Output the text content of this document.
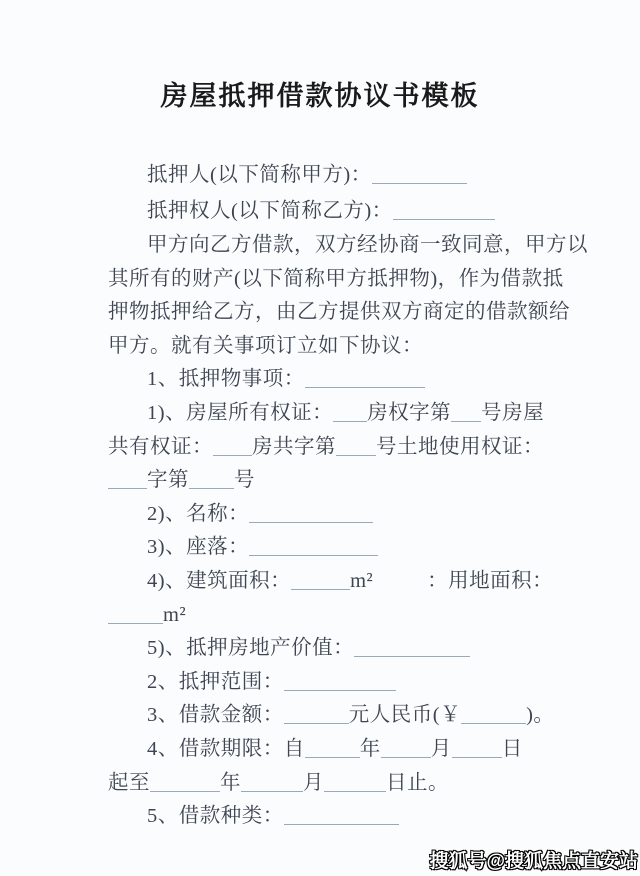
房屋抵押借款协议书模板
抵押人(以下简称甲方)：
抵押权人(以下简称乙方)：
甲方向乙方借款，双方经协商一致同意，甲方以
其所有的财产(以下简称甲方抵押物)，作为借款抵
押物抵押给乙方，由乙方提供双方商定的借款额给
甲方。就有关事项订立如下协议：
1、抵押物事项：
1)、房屋所有权证： 房权字第 号房屋
共有权证： 房共字第 号土地使用权证：
字第 号
2)、名称：
3)、座落：
4)、建筑面积：	m²	：用地面积：
m²
5)、抵押房地产价值：
2、抵押范围：
3、借款金额：	元人民币(￥	)。
4、借款期限：自	年 月 日
起至	年	月	日止。
5、借款种类：
搜狐号@搜狐焦点直安站
